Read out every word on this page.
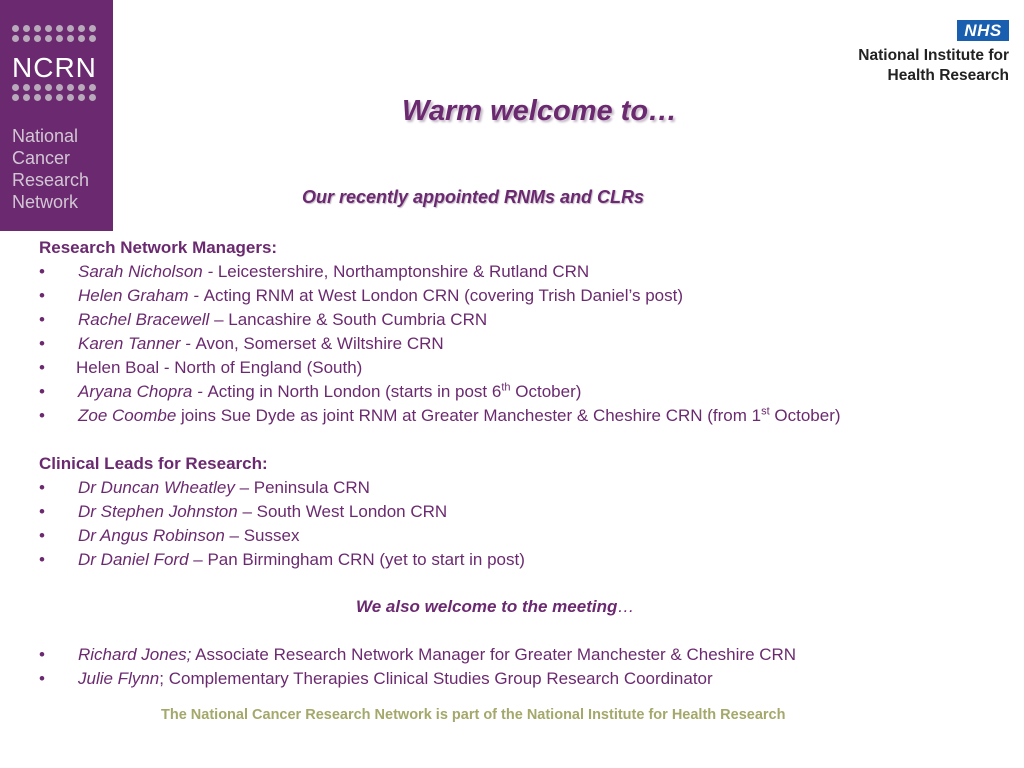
NCRN
National
Cancer
Research
Network
NHS
National Institute for
Health Research
Warm welcome to…
Our recently appointed RNMs and CLRs
Research Network Managers:
• Sarah Nicholson - Leicestershire, Northamptonshire & Rutland CRN
• Helen Graham - Acting RNM at West London CRN (covering Trish Daniel’s post)
• Rachel Bracewell – Lancashire & South Cumbria CRN
• Karen Tanner - Avon, Somerset & Wiltshire CRN
• Helen Boal - North of England (South)
• Aryana Chopra - Acting in North London (starts in post 6th October)
• Zoe Coombe joins Sue Dyde as joint RNM at Greater Manchester & Cheshire CRN (from 1st October)
Clinical Leads for Research:
• Dr Duncan Wheatley – Peninsula CRN
• Dr Stephen Johnston – South West London CRN
• Dr Angus Robinson – Sussex
• Dr Daniel Ford – Pan Birmingham CRN (yet to start in post)
We also welcome to the meeting…
• Richard Jones; Associate Research Network Manager for Greater Manchester & Cheshire CRN
• Julie Flynn; Complementary Therapies Clinical Studies Group Research Coordinator
The National Cancer Research Network is part of the National Institute for Health Research
